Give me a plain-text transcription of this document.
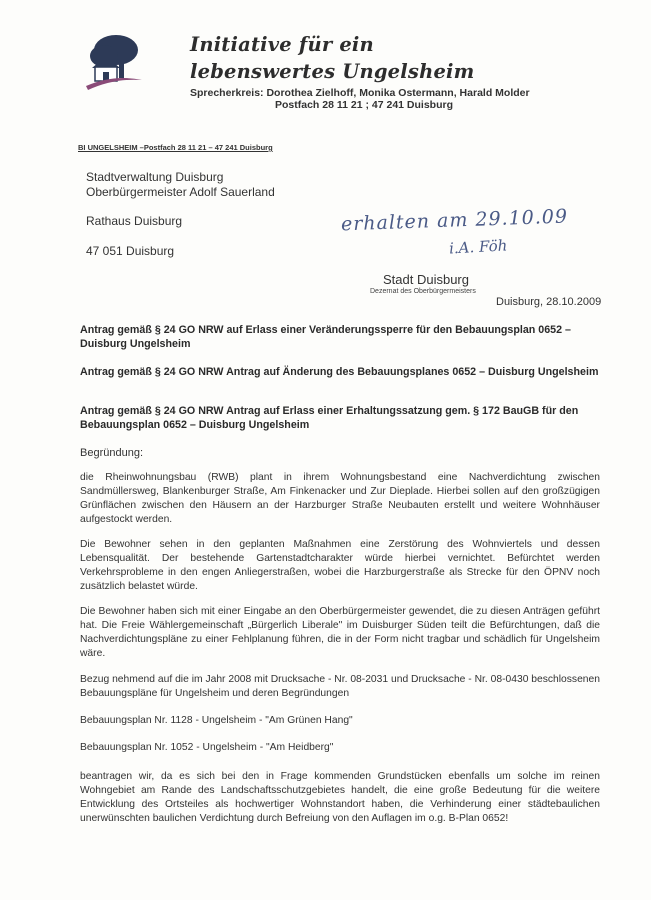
Initiative für ein
lebenswertes Ungelsheim
Sprecherkreis: Dorothea Zielhoff, Monika Ostermann, Harald Molder
Postfach 28 11 21 ; 47 241 Duisburg
BI UNGELSHEIM –Postfach 28 11 21 – 47 241 Duisburg
Stadtverwaltung Duisburg
Oberbürgermeister Adolf Sauerland
Rathaus Duisburg
47 051 Duisburg
erhalten am 29.10.09
i.A. Föh
Stadt Duisburg
Dezernat des Oberbürgermeisters
Duisburg, 28.10.2009
Antrag gemäß § 24 GO NRW auf Erlass einer Veränderungssperre für den Bebauungsplan 0652 – Duisburg Ungelsheim
Antrag gemäß § 24 GO NRW Antrag auf Änderung des Bebauungsplanes 0652 – Duisburg Ungelsheim
Antrag gemäß § 24 GO NRW Antrag auf Erlass einer Erhaltungssatzung gem. § 172 BauGB für den Bebauungsplan 0652 – Duisburg Ungelsheim
Begründung:
die Rheinwohnungsbau (RWB) plant in ihrem Wohnungsbestand eine Nachverdichtung zwischen Sandmüllersweg, Blankenburger Straße, Am Finkenacker und Zur Dieplade. Hierbei sollen auf den großzügigen Grünflächen zwischen den Häusern an der Harzburger Straße Neubauten erstellt und weitere Wohnhäuser aufgestockt werden.
Die Bewohner sehen in den geplanten Maßnahmen eine Zerstörung des Wohnviertels und dessen Lebensqualität. Der bestehende Gartenstadtcharakter würde hierbei vernichtet. Befürchtet werden Verkehrsprobleme in den engen Anliegerstraßen, wobei die Harzburgerstraße als Strecke für den ÖPNV noch zusätzlich belastet würde.
Die Bewohner haben sich mit einer Eingabe an den Oberbürgermeister gewendet, die zu diesen Anträgen geführt hat. Die Freie Wählergemeinschaft „Bürgerlich Liberale" im Duisburger Süden teilt die Befürchtungen, daß die Nachverdichtungspläne zu einer Fehlplanung führen, die in der Form nicht tragbar und schädlich für Ungelsheim wäre.
Bezug nehmend auf die im Jahr 2008 mit Drucksache - Nr. 08-2031 und Drucksache - Nr. 08-0430 beschlossenen Bebauungspläne für Ungelsheim und deren Begründungen
Bebauungsplan Nr. 1128 - Ungelsheim - "Am Grünen Hang"
Bebauungsplan Nr. 1052 - Ungelsheim - "Am Heidberg"
beantragen wir, da es sich bei den in Frage kommenden Grundstücken ebenfalls um solche im reinen Wohngebiet am Rande des Landschaftsschutzgebietes handelt, die eine große Bedeutung für die weitere Entwicklung des Ortsteiles als hochwertiger Wohnstandort haben, die Verhinderung einer städtebaulichen unerwünschten baulichen Verdichtung durch Befreiung von den Auflagen im o.g. B-Plan 0652!
